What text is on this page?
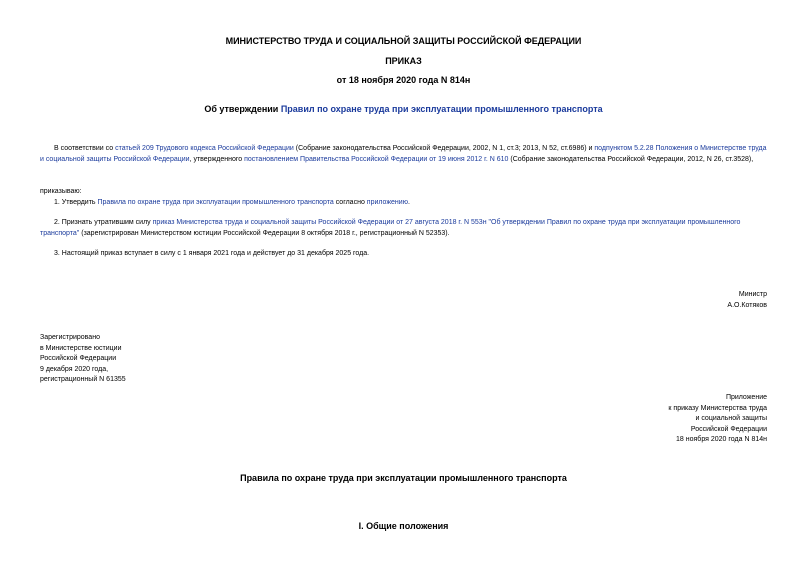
МИНИСТЕРСТВО ТРУДА И СОЦИАЛЬНОЙ ЗАЩИТЫ РОССИЙСКОЙ ФЕДЕРАЦИИ
ПРИКАЗ
от 18 ноября 2020 года N 814н
Об утверждении Правил по охране труда при эксплуатации промышленного транспорта
В соответствии со статьей 209 Трудового кодекса Российской Федерации (Собрание законодательства Российской Федерации, 2002, N 1, ст.3; 2013, N 52, ст.6986) и подпунктом 5.2.28 Положения о Министерстве труда и социальной защиты Российской Федерации, утвержденного постановлением Правительства Российской Федерации от 19 июня 2012 г. N 610 (Собрание законодательства Российской Федерации, 2012, N 26, ст.3528),
приказываю:
1. Утвердить Правила по охране труда при эксплуатации промышленного транспорта согласно приложению.
2. Признать утратившим силу приказ Министерства труда и социальной защиты Российской Федерации от 27 августа 2018 г. N 553н "Об утверждении Правил по охране труда при эксплуатации промышленного транспорта" (зарегистрирован Министерством юстиции Российской Федерации 8 октября 2018 г., регистрационный N 52353).
3. Настоящий приказ вступает в силу с 1 января 2021 года и действует до 31 декабря 2025 года.
Министр
А.О.Котяков
Зарегистрировано
в Министерстве юстиции
Российской Федерации
9 декабря 2020 года,
регистрационный N 61355
Приложение
к приказу Министерства труда
и социальной защиты
Российской Федерации
18 ноября 2020 года N 814н
Правила по охране труда при эксплуатации промышленного транспорта
I. Общие положения
